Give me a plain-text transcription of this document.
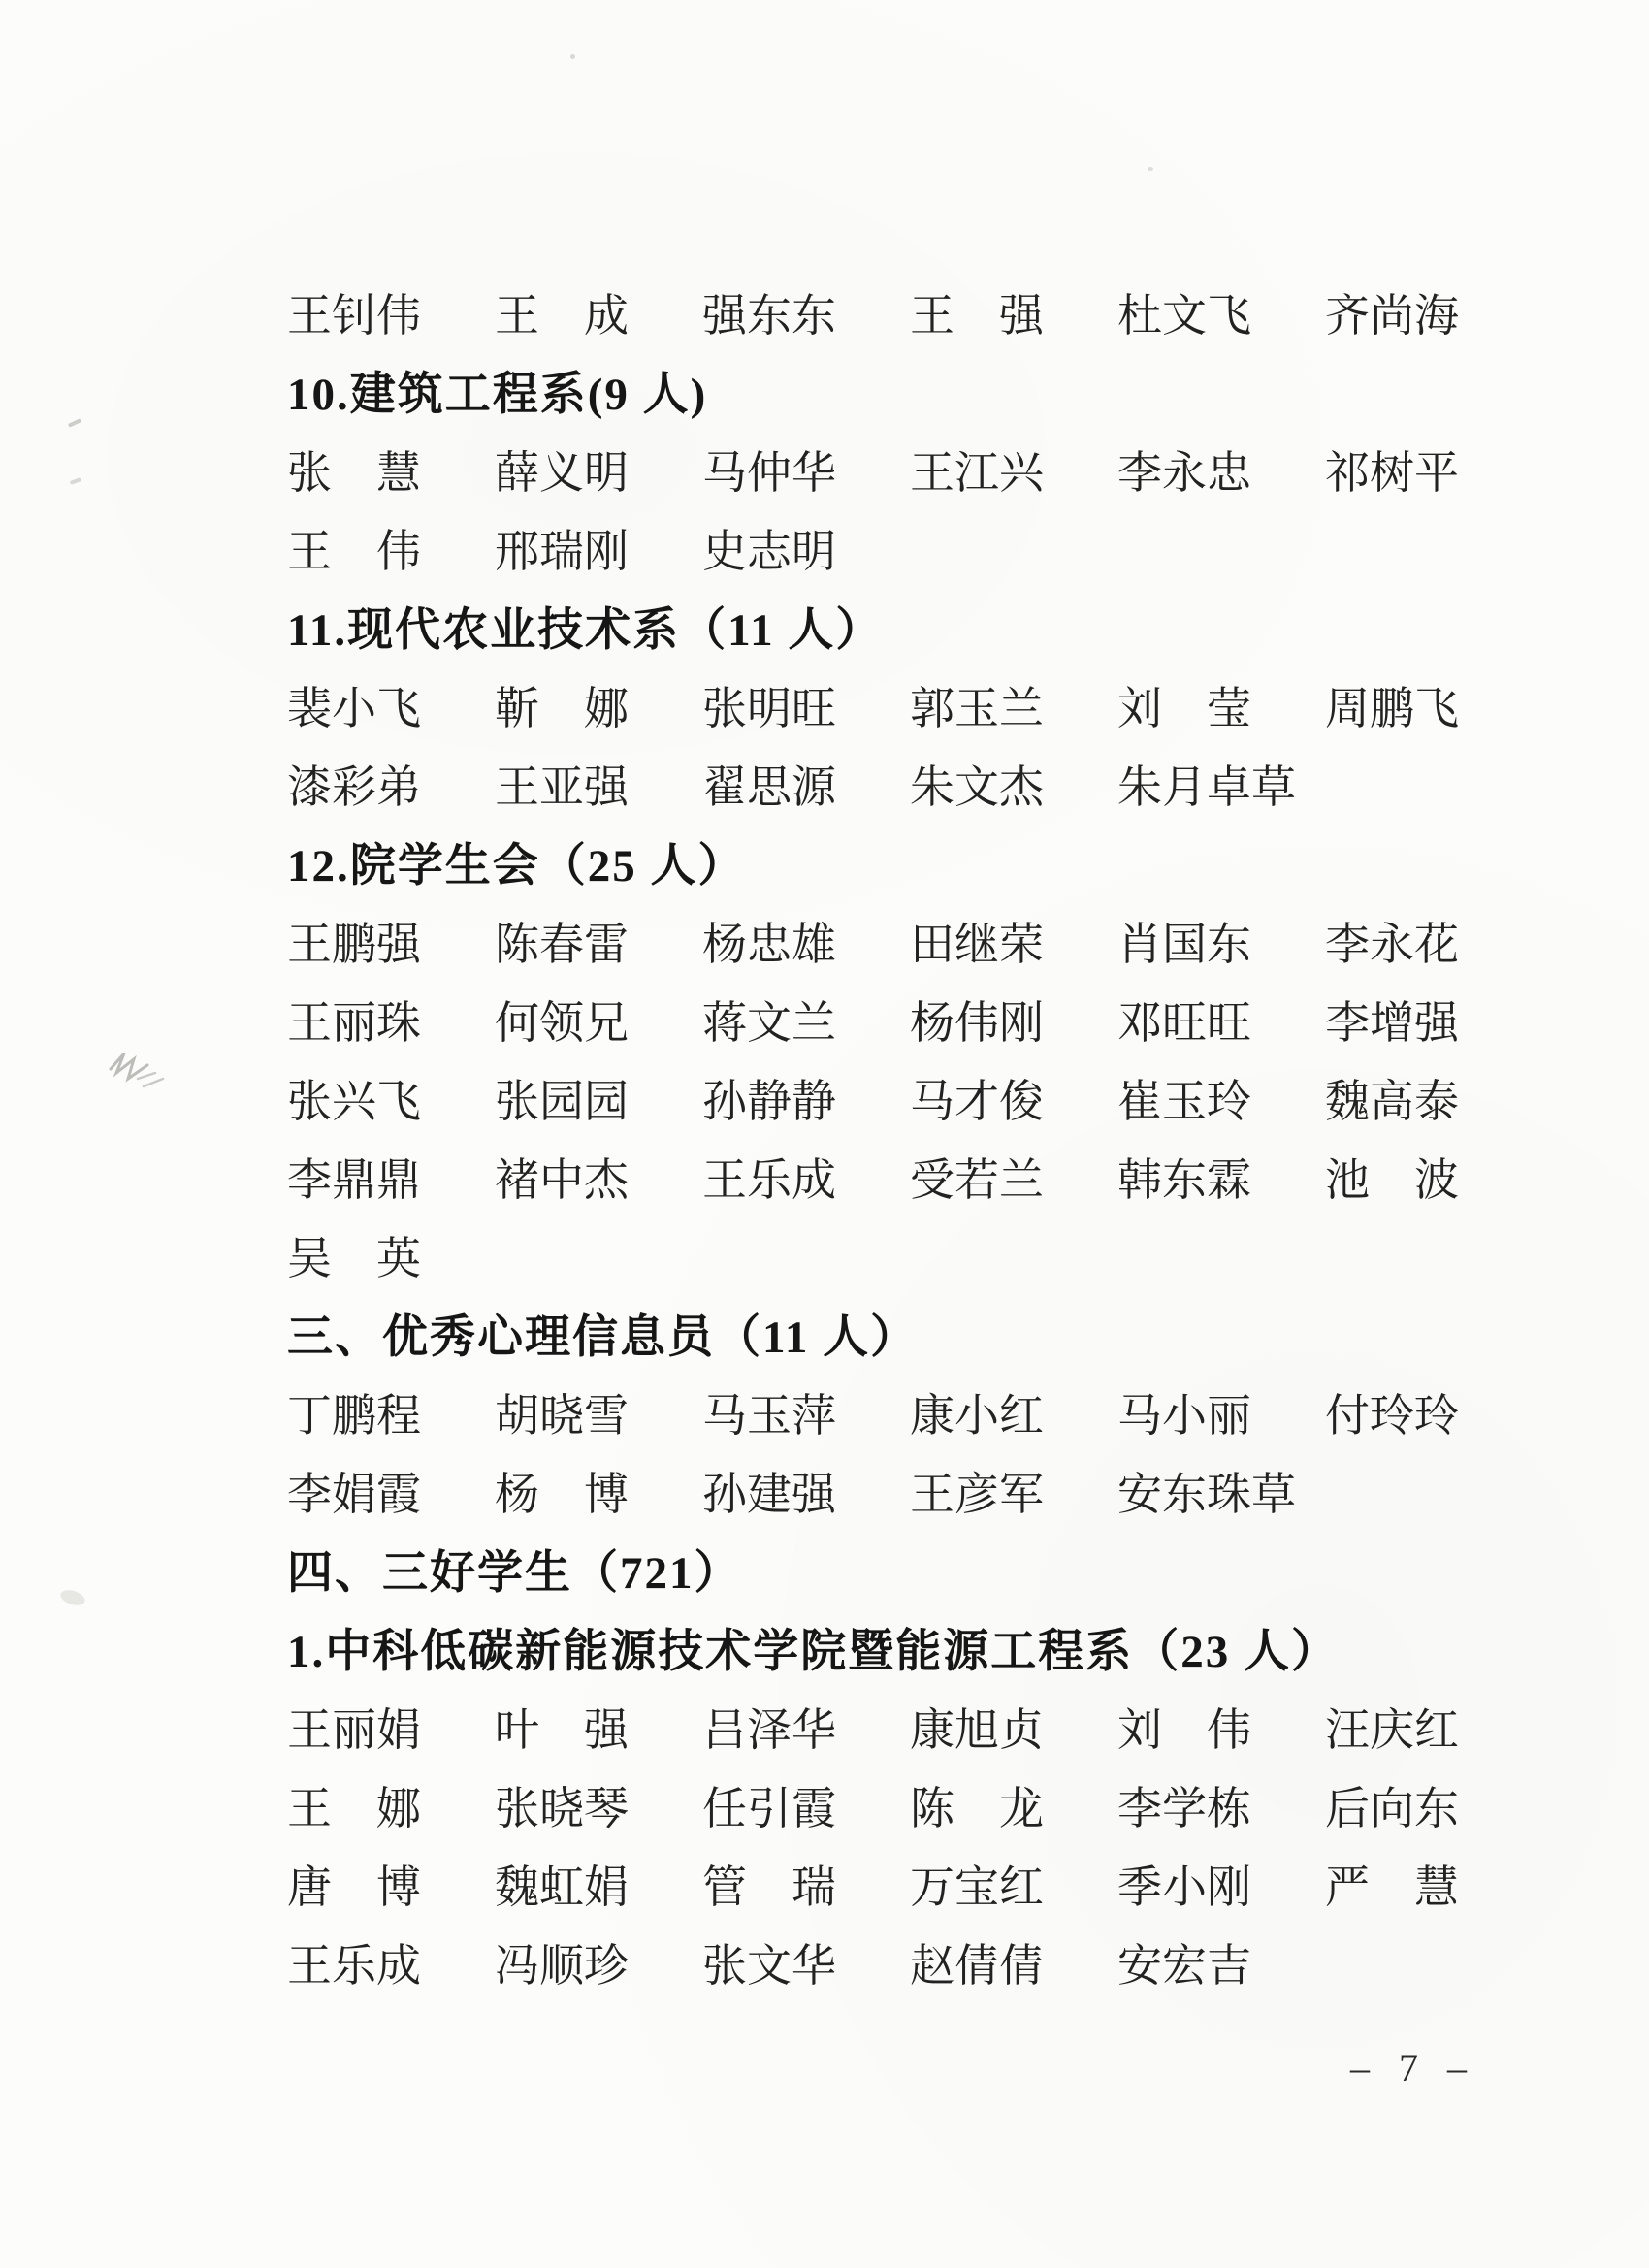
王钊伟 王 成 强东东 王 强 杜文飞 齐尚海
10.建筑工程系(9 人)
张 慧 薛义明 马仲华 王江兴 李永忠 祁树平
王 伟 邢瑞刚 史志明
11.现代农业技术系（11 人）
裴小飞 靳 娜 张明旺 郭玉兰 刘 莹 周鹏飞
漆彩弟 王亚强 翟思源 朱文杰 朱月卓草
12.院学生会（25 人）
王鹏强 陈春雷 杨忠雄 田继荣 肖国东 李永花
王丽珠 何领兄 蒋文兰 杨伟刚 邓旺旺 李增强
张兴飞 张园园 孙静静 马才俊 崔玉玲 魏高泰
李鼎鼎 褚中杰 王乐成 受若兰 韩东霖 池 波
吴 英
三、优秀心理信息员（11 人）
丁鹏程 胡晓雪 马玉萍 康小红 马小丽 付玲玲
李娟霞 杨 博 孙建强 王彦军 安东珠草
四、三好学生（721）
1.中科低碳新能源技术学院暨能源工程系（23 人）
王丽娟 叶 强 吕泽华 康旭贞 刘 伟 汪庆红
王 娜 张晓琴 任引霞 陈 龙 李学栋 后向东
唐 博 魏虹娟 管 瑞 万宝红 季小刚 严 慧
王乐成 冯顺珍 张文华 赵倩倩 安宏吉
– 7 –
